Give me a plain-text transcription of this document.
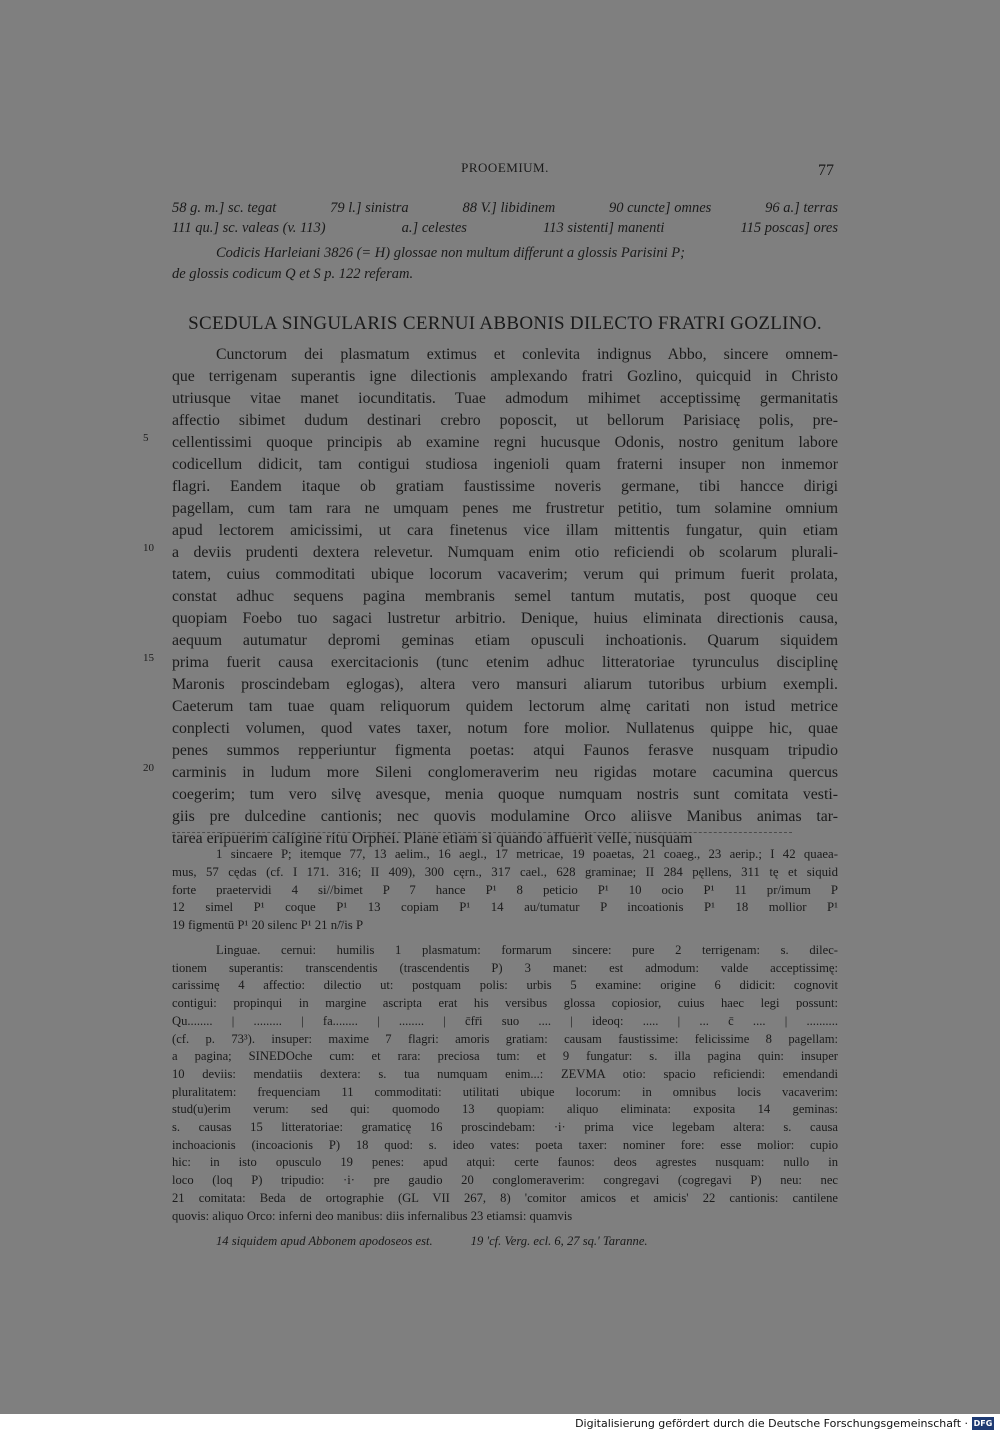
PROOEMIUM.	77
58 g. m.] sc. tegat	79 l.] sinistra	88 V.] libidinem	90 cuncte] omnes	96 a.] terras
111 qu.] sc. valeas (v. 113)	a.] celestes	113 sistenti] manenti	115 poscas] ores
Codicis Harleiani 3826 (= H) glossae non multum differunt a glossis Parisini P;
de glossis codicum Q et S p. 122 referam.
SCEDULA SINGULARIS CERNUI ABBONIS DILECTO FRATRI GOZLINO.
Cunctorum dei plasmatum extimus et conlevita indignus Abbo, sincere omnem-
que terrigenam superantis igne dilectionis amplexando fratri Gozlino, quicquid in Christo
utriusque vitae manet iocunditatis. Tuae admodum mihimet acceptissimę germanitatis
affectio sibimet dudum destinari crebro poposcit, ut bellorum Parisiacę polis, pre-
cellentissimi quoque principis ab examine regni hucusque Odonis, nostro genitum labore
codicellum didicit, tam contigui studiosa ingenioli quam fraterni insuper non inmemor
flagri. Eandem itaque ob gratiam faustissime noveris germane, tibi hancce dirigi
pagellam, cum tam rara ne umquam penes me frustretur petitio, tum solamine omnium
apud lectorem amicissimi, ut cara finetenus vice illam mittentis fungatur, quin etiam
a deviis prudenti dextera relevetur. Numquam enim otio reficiendi ob scolarum plurali-
tatem, cuius commoditati ubique locorum vacaverim; verum qui primum fuerit prolata,
constat adhuc sequens pagina membranis semel tantum mutatis, post quoque ceu
quopiam Foebo tuo sagaci lustretur arbitrio. Denique, huius eliminata directionis causa,
aequum autumatur depromi geminas etiam opusculi inchoationis. Quarum siquidem
prima fuerit causa exercitacionis (tunc etenim adhuc litteratoriae tyrunculus disciplinę
Maronis proscindebam eglogas), altera vero mansuri aliarum tutoribus urbium exempli.
Caeterum tam tuae quam reliquorum quidem lectorum almę caritati non istud metrice
conplecti volumen, quod vates taxer, notum fore molior. Nullatenus quippe hic, quae
penes summos repperiuntur figmenta poetas: atqui Faunos ferasve nusquam tripudio
carminis in ludum more Sileni conglomeraverim neu rigidas motare cacumina quercus
coegerim; tum vero silvę avesque, menia quoque numquam nostris sunt comitata vesti-
giis pre dulcedine cantionis; nec quovis modulamine Orco aliisve Manibus animas tar-
tarea eripuerim caligine ritu Orphei. Plane etiam si quando affuerit velle, nusquam
5
10
15
20
1 sincaere P; itemque 77, 13 aelim., 16 aegl., 17 metricae, 19 poaetas, 21 coaeg., 23 aerip.; I 42 quaea-
mus, 57 cędas (cf. I 171. 316; II 409), 300 cęrn., 317 cael., 628 graminae; II 284 pęllens, 311 tę et siquid
forte praetervidi 4 si//bimet P 7 hance P¹ 8 peticio P¹ 10 ocio P¹ 11 pr/imum P
12 simel P¹ coque P¹ 13 copiam P¹ 14 au/tumatur P incoationis P¹ 18 mollior P¹
19 figmentū P¹ 20 silenc P¹ 21 n/̄/is P
Linguae. cernui: humilis 1 plasmatum: formarum sincere: pure 2 terrigenam: s. dilec-
tionem superantis: transcendentis (trascendentis P) 3 manet: est admodum: valde acceptissimę:
carissimę 4 affectio: dilectio ut: postquam polis: urbis 5 examine: origine 6 didicit: cognovit
contigui: propinqui in margine ascripta erat his versibus glossa copiosior, cuius haec legi possunt:
Qu........ | ......... | fa........ | ........ | c̄fr̄i suo .... | ideoq: ..... | ... c̄ .... | ..........
(cf. p. 73³). insuper: maxime 7 flagri: amoris gratiam: causam faustissime: felicissime 8 pagellam:
a pagina; SINEDOche cum: et rara: preciosa tum: et 9 fungatur: s. illa pagina quin: insuper
10 deviis: mendatiis dextera: s. tua numquam enim...: ZEVMA otio: spacio reficiendi: emendandi
pluralitatem: frequenciam 11 commoditati: utilitati ubique locorum: in omnibus locis vacaverim:
stud(u)erim verum: sed qui: quomodo 13 quopiam: aliquo eliminata: exposita 14 geminas:
s. causas 15 litteratoriae: gramaticę 16 proscindebam: ·i· prima vice legebam altera: s. causa
inchoacionis (incoacionis P) 18 quod: s. ideo vates: poeta taxer: nominer fore: esse molior: cupio
hic: in isto opusculo 19 penes: apud atqui: certe faunos: deos agrestes nusquam: nullo in
loco (loq P) tripudio: ·i· pre gaudio 20 conglomeraverim: congregavi (cogregavi P) neu: nec
21 comitata: Beda de ortographie (GL VII 267, 8) 'comitor amicos et amicis' 22 cantionis: cantilene
quovis: aliquo Orco: inferni deo manibus: diis infernalibus 23 etiamsi: quamvis
14 siquidem apud Abbonem apodoseos est.	19 'cf. Verg. ecl. 6, 27 sq.' Taranne.
Digitalisierung gefördert durch die Deutsche Forschungsgemeinschaft · DFG
